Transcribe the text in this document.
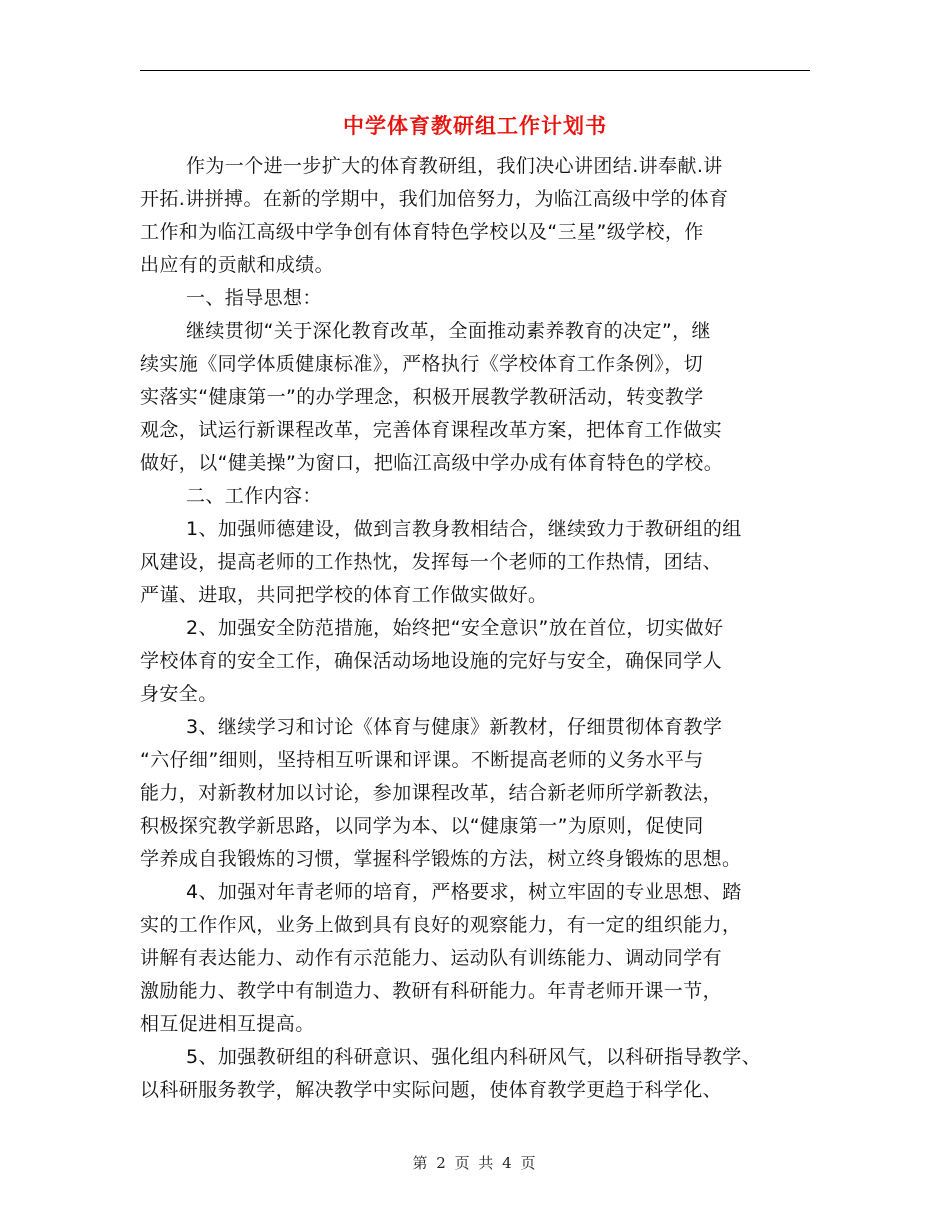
中学体育教研组工作计划书
作为一个进一步扩大的体育教研组，我们决心讲团结.讲奉献.讲
开拓.讲拼搏。在新的学期中，我们加倍努力，为临江高级中学的体育
工作和为临江高级中学争创有体育特色学校以及“三星”级学校，作
出应有的贡献和成绩。
一、指导思想：
继续贯彻“关于深化教育改革，全面推动素养教育的决定”，继
续实施《同学体质健康标准》，严格执行《学校体育工作条例》，切
实落实“健康第一”的办学理念，积极开展教学教研活动，转变教学
观念，试运行新课程改革，完善体育课程改革方案，把体育工作做实
做好，以“健美操”为窗口，把临江高级中学办成有体育特色的学校。
二、工作内容：
1、加强师德建设，做到言教身教相结合，继续致力于教研组的组
风建设，提高老师的工作热忱，发挥每一个老师的工作热情，团结、
严谨、进取，共同把学校的体育工作做实做好。
2、加强安全防范措施，始终把“安全意识”放在首位，切实做好
学校体育的安全工作，确保活动场地设施的完好与安全，确保同学人
身安全。
3、继续学习和讨论《体育与健康》新教材，仔细贯彻体育教学
“六仔细”细则，坚持相互听课和评课。不断提高老师的义务水平与
能力，对新教材加以讨论，参加课程改革，结合新老师所学新教法，
积极探究教学新思路，以同学为本、以“健康第一”为原则，促使同
学养成自我锻炼的习惯，掌握科学锻炼的方法，树立终身锻炼的思想。
4、加强对年青老师的培育，严格要求，树立牢固的专业思想、踏
实的工作作风，业务上做到具有良好的观察能力，有一定的组织能力，
讲解有表达能力、动作有示范能力、运动队有训练能力、调动同学有
激励能力、教学中有制造力、教研有科研能力。年青老师开课一节，
相互促进相互提高。
5、加强教研组的科研意识、强化组内科研风气，以科研指导教学、
以科研服务教学，解决教学中实际问题，使体育教学更趋于科学化、
第 2 页 共 4 页
